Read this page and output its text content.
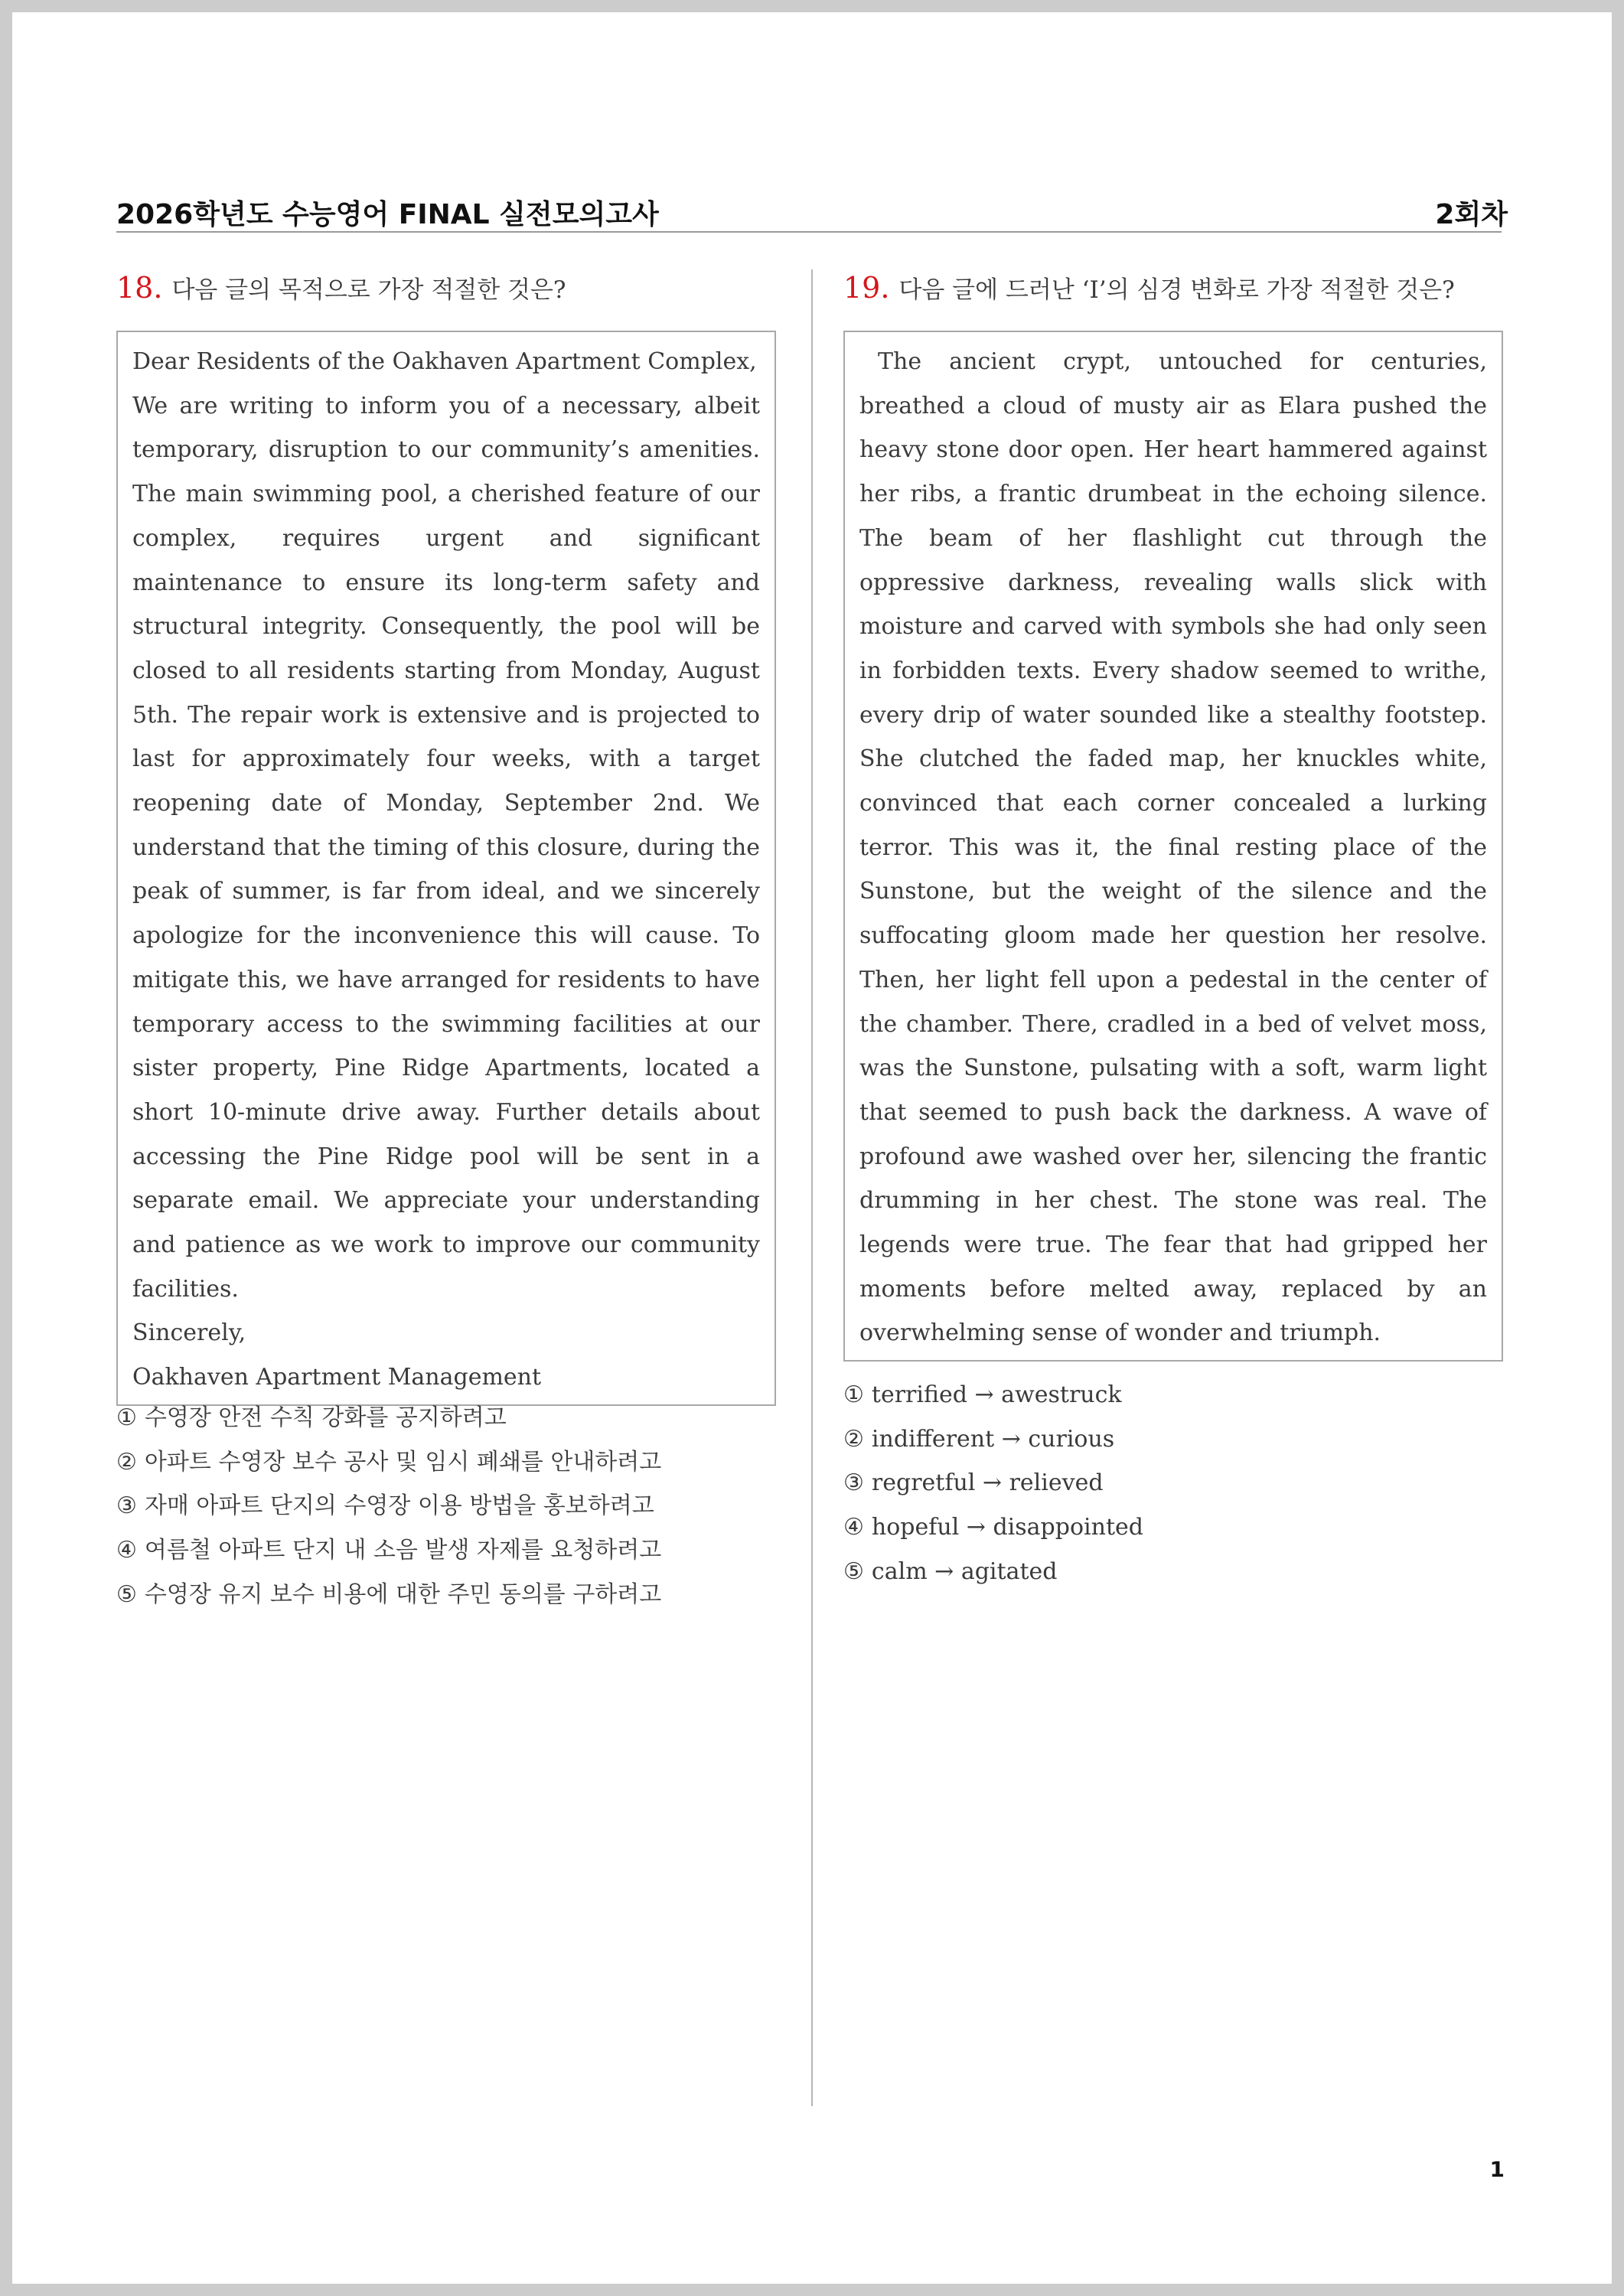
2026학년도 수능영어 FINAL 실전모의고사	2회차
18. 다음 글의 목적으로 가장 적절한 것은?

Dear Residents of the Oakhaven Apartment Complex,

We are writing to inform you of a necessary, albeit temporary, disruption to our community’s amenities. The main swimming pool, a cherished feature of our complex, requires urgent and significant maintenance to ensure its long-term safety and structural integrity. Consequently, the pool will be closed to all residents starting from Monday, August 5th. The repair work is extensive and is projected to last for approximately four weeks, with a target reopening date of Monday, September 2nd. We understand that the timing of this closure, during the peak of summer, is far from ideal, and we sincerely apologize for the inconvenience this will cause. To mitigate this, we have arranged for residents to have temporary access to the swimming facilities at our sister property, Pine Ridge Apartments, located a short 10-minute drive away. Further details about accessing the Pine Ridge pool will be sent in a separate email. We appreciate your understanding and patience as we work to improve our community facilities.

Sincerely,

Oakhaven Apartment Management

① 수영장 안전 수칙 강화를 공지하려고
② 아파트 수영장 보수 공사 및 임시 폐쇄를 안내하려고
③ 자매 아파트 단지의 수영장 이용 방법을 홍보하려고
④ 여름철 아파트 단지 내 소음 발생 자제를 요청하려고
⑤ 수영장 유지 보수 비용에 대한 주민 동의를 구하려고
19. 다음 글에 드러난 ‘I’의 심경 변화로 가장 적절한 것은?

The ancient crypt, untouched for centuries, breathed a cloud of musty air as Elara pushed the heavy stone door open. Her heart hammered against her ribs, a frantic drumbeat in the echoing silence. The beam of her flashlight cut through the oppressive darkness, revealing walls slick with moisture and carved with symbols she had only seen in forbidden texts. Every shadow seemed to writhe, every drip of water sounded like a stealthy footstep. She clutched the faded map, her knuckles white, convinced that each corner concealed a lurking terror. This was it, the final resting place of the Sunstone, but the weight of the silence and the suffocating gloom made her question her resolve. Then, her light fell upon a pedestal in the center of the chamber. There, cradled in a bed of velvet moss, was the Sunstone, pulsating with a soft, warm light that seemed to push back the darkness. A wave of profound awe washed over her, silencing the frantic drumming in her chest. The stone was real. The legends were true. The fear that had gripped her moments before melted away, replaced by an overwhelming sense of wonder and triumph.

① terrified → awestruck
② indifferent → curious
③ regretful → relieved
④ hopeful → disappointed
⑤ calm → agitated
1
